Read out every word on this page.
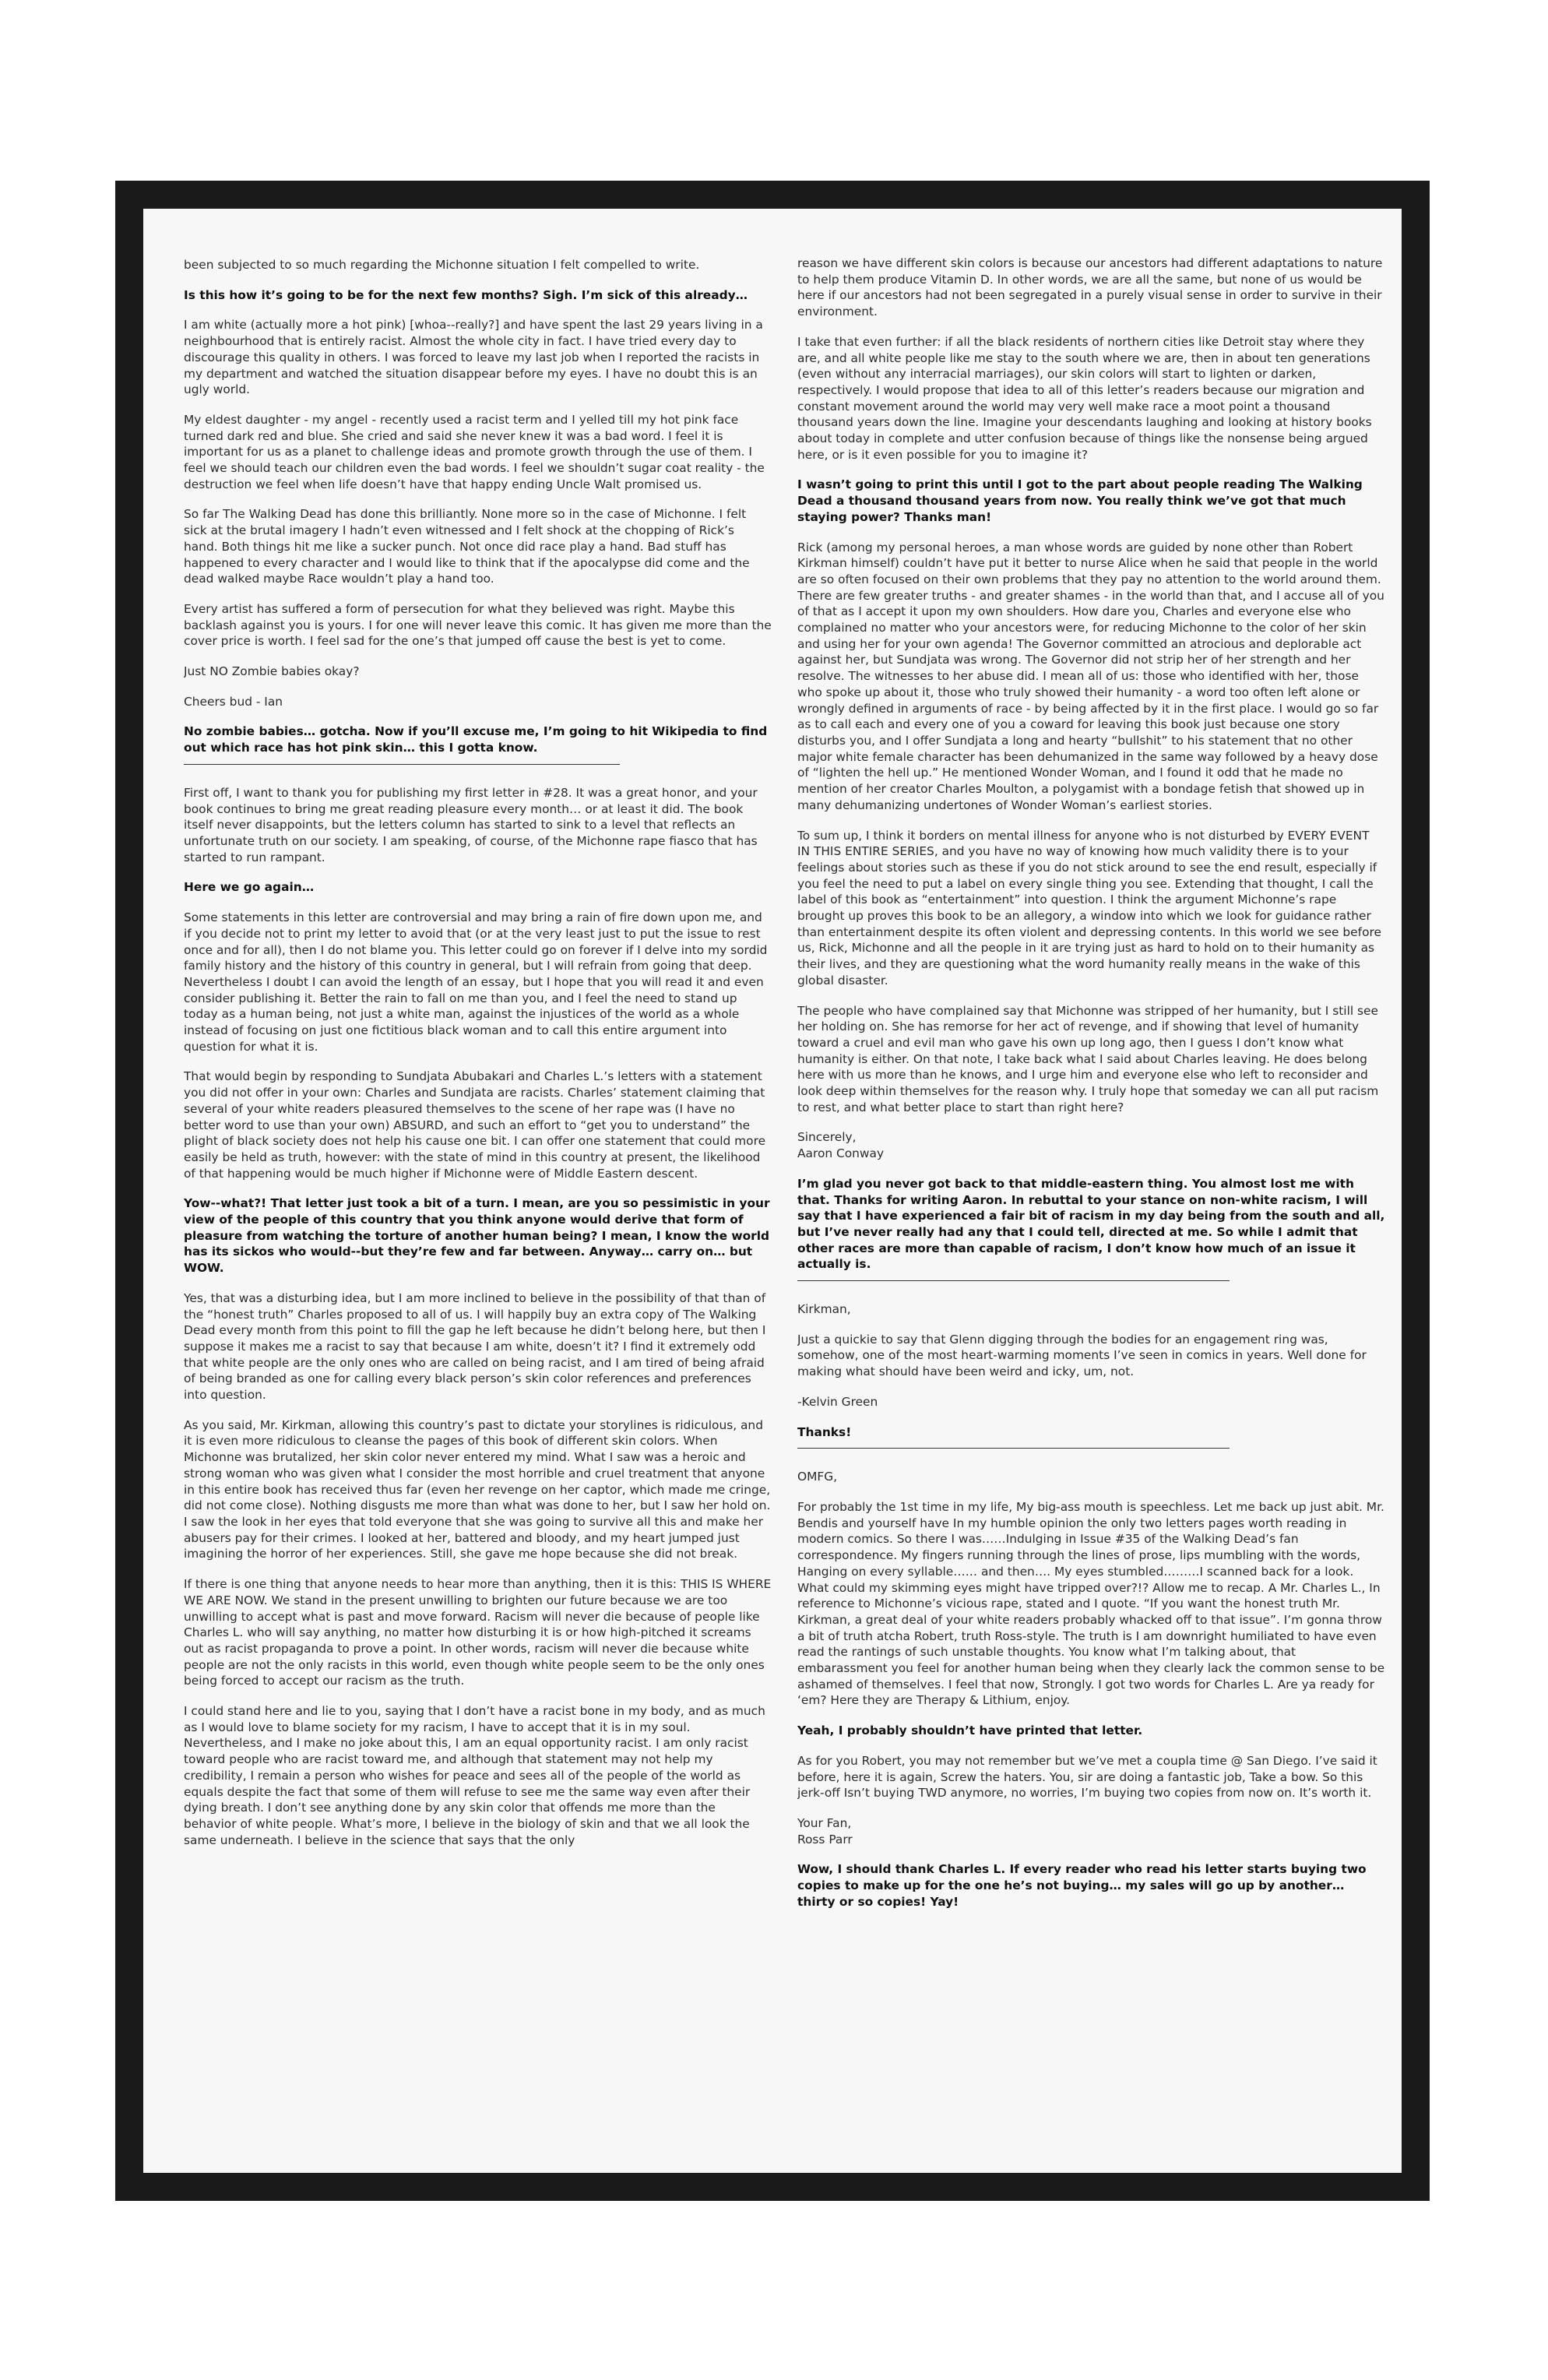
been subjected to so much regarding the Michonne situation I felt compelled to write.

Is this how it’s going to be for the next few months? Sigh. I’m sick of this already…

I am white (actually more a hot pink) [whoa--really?] and have spent the last 29 years living in a neighbourhood that is entirely racist. Almost the whole city in fact. I have tried every day to discourage this quality in others. I was forced to leave my last job when I reported the racists in my department and watched the situation disappear before my eyes. I have no doubt this is an ugly world.

My eldest daughter - my angel - recently used a racist term and I yelled till my hot pink face turned dark red and blue. She cried and said she never knew it was a bad word. I feel it is important for us as a planet to challenge ideas and promote growth through the use of them. I feel we should teach our children even the bad words. I feel we shouldn’t sugar coat reality - the destruction we feel when life doesn’t have that happy ending Uncle Walt promised us.

So far The Walking Dead has done this brilliantly. None more so in the case of Michonne. I felt sick at the brutal imagery I hadn’t even witnessed and I felt shock at the chopping of Rick’s hand. Both things hit me like a sucker punch. Not once did race play a hand. Bad stuff has happened to every character and I would like to think that if the apocalypse did come and the dead walked maybe Race wouldn’t play a hand too.

Every artist has suffered a form of persecution for what they believed was right. Maybe this backlash against you is yours. I for one will never leave this comic. It has given me more than the cover price is worth. I feel sad for the one’s that jumped off cause the best is yet to come.

Just NO Zombie babies okay?

Cheers bud - Ian

No zombie babies… gotcha. Now if you’ll excuse me, I’m going to hit Wikipedia to find out which race has hot pink skin… this I gotta know.

First off, I want to thank you for publishing my first letter in #28. It was a great honor, and your book continues to bring me great reading pleasure every month… or at least it did. The book itself never disappoints, but the letters column has started to sink to a level that reflects an unfortunate truth on our society. I am speaking, of course, of the Michonne rape fiasco that has started to run rampant.

Here we go again…

Some statements in this letter are controversial and may bring a rain of fire down upon me, and if you decide not to print my letter to avoid that (or at the very least just to put the issue to rest once and for all), then I do not blame you. This letter could go on forever if I delve into my sordid family history and the history of this country in general, but I will refrain from going that deep. Nevertheless I doubt I can avoid the length of an essay, but I hope that you will read it and even consider publishing it. Better the rain to fall on me than you, and I feel the need to stand up today as a human being, not just a white man, against the injustices of the world as a whole instead of focusing on just one fictitious black woman and to call this entire argument into question for what it is.

That would begin by responding to Sundjata Abubakari and Charles L.’s letters with a statement you did not offer in your own: Charles and Sundjata are racists. Charles’ statement claiming that several of your white readers pleasured themselves to the scene of her rape was (I have no better word to use than your own) ABSURD, and such an effort to “get you to understand” the plight of black society does not help his cause one bit. I can offer one statement that could more easily be held as truth, however: with the state of mind in this country at present, the likelihood of that happening would be much higher if Michonne were of Middle Eastern descent.

Yow--what?! That letter just took a bit of a turn. I mean, are you so pessimistic in your view of the people of this country that you think anyone would derive that form of pleasure from watching the torture of another human being? I mean, I know the world has its sickos who would--but they’re few and far between. Anyway… carry on… but WOW.

Yes, that was a disturbing idea, but I am more inclined to believe in the possibility of that than of the “honest truth” Charles proposed to all of us. I will happily buy an extra copy of The Walking Dead every month from this point to fill the gap he left because he didn’t belong here, but then I suppose it makes me a racist to say that because I am white, doesn’t it? I find it extremely odd that white people are the only ones who are called on being racist, and I am tired of being afraid of being branded as one for calling every black person’s skin color references and preferences into question.

As you said, Mr. Kirkman, allowing this country’s past to dictate your storylines is ridiculous, and it is even more ridiculous to cleanse the pages of this book of different skin colors. When Michonne was brutalized, her skin color never entered my mind. What I saw was a heroic and strong woman who was given what I consider the most horrible and cruel treatment that anyone in this entire book has received thus far (even her revenge on her captor, which made me cringe, did not come close). Nothing disgusts me more than what was done to her, but I saw her hold on. I saw the look in her eyes that told everyone that she was going to survive all this and make her abusers pay for their crimes. I looked at her, battered and bloody, and my heart jumped just imagining the horror of her experiences. Still, she gave me hope because she did not break.

If there is one thing that anyone needs to hear more than anything, then it is this: THIS IS WHERE WE ARE NOW. We stand in the present unwilling to brighten our future because we are too unwilling to accept what is past and move forward. Racism will never die because of people like Charles L. who will say anything, no matter how disturbing it is or how high-pitched it screams out as racist propaganda to prove a point. In other words, racism will never die because white people are not the only racists in this world, even though white people seem to be the only ones being forced to accept our racism as the truth.

I could stand here and lie to you, saying that I don’t have a racist bone in my body, and as much as I would love to blame society for my racism, I have to accept that it is in my soul. Nevertheless, and I make no joke about this, I am an equal opportunity racist. I am only racist toward people who are racist toward me, and although that statement may not help my credibility, I remain a person who wishes for peace and sees all of the people of the world as equals despite the fact that some of them will refuse to see me the same way even after their dying breath. I don’t see anything done by any skin color that offends me more than the behavior of white people. What’s more, I believe in the biology of skin and that we all look the same underneath. I believe in the science that says that the only

reason we have different skin colors is because our ancestors had different adaptations to nature to help them produce Vitamin D. In other words, we are all the same, but none of us would be here if our ancestors had not been segregated in a purely visual sense in order to survive in their environment.

I take that even further: if all the black residents of northern cities like Detroit stay where they are, and all white people like me stay to the south where we are, then in about ten generations (even without any interracial marriages), our skin colors will start to lighten or darken, respectively. I would propose that idea to all of this letter’s readers because our migration and constant movement around the world may very well make race a moot point a thousand thousand years down the line. Imagine your descendants laughing and looking at history books about today in complete and utter confusion because of things like the nonsense being argued here, or is it even possible for you to imagine it?

I wasn’t going to print this until I got to the part about people reading The Walking Dead a thousand thousand years from now. You really think we’ve got that much staying power? Thanks man!

Rick (among my personal heroes, a man whose words are guided by none other than Robert Kirkman himself) couldn’t have put it better to nurse Alice when he said that people in the world are so often focused on their own problems that they pay no attention to the world around them. There are few greater truths - and greater shames - in the world than that, and I accuse all of you of that as I accept it upon my own shoulders. How dare you, Charles and everyone else who complained no matter who your ancestors were, for reducing Michonne to the color of her skin and using her for your own agenda! The Governor committed an atrocious and deplorable act against her, but Sundjata was wrong. The Governor did not strip her of her strength and her resolve. The witnesses to her abuse did. I mean all of us: those who identified with her, those who spoke up about it, those who truly showed their humanity - a word too often left alone or wrongly defined in arguments of race - by being affected by it in the first place. I would go so far as to call each and every one of you a coward for leaving this book just because one story disturbs you, and I offer Sundjata a long and hearty “bullshit” to his statement that no other major white female character has been dehumanized in the same way followed by a heavy dose of “lighten the hell up.” He mentioned Wonder Woman, and I found it odd that he made no mention of her creator Charles Moulton, a polygamist with a bondage fetish that showed up in many dehumanizing undertones of Wonder Woman’s earliest stories.

To sum up, I think it borders on mental illness for anyone who is not disturbed by EVERY EVENT IN THIS ENTIRE SERIES, and you have no way of knowing how much validity there is to your feelings about stories such as these if you do not stick around to see the end result, especially if you feel the need to put a label on every single thing you see. Extending that thought, I call the label of this book as “entertainment” into question. I think the argument Michonne’s rape brought up proves this book to be an allegory, a window into which we look for guidance rather than entertainment despite its often violent and depressing contents. In this world we see before us, Rick, Michonne and all the people in it are trying just as hard to hold on to their humanity as their lives, and they are questioning what the word humanity really means in the wake of this global disaster.

The people who have complained say that Michonne was stripped of her humanity, but I still see her holding on. She has remorse for her act of revenge, and if showing that level of humanity toward a cruel and evil man who gave his own up long ago, then I guess I don’t know what humanity is either. On that note, I take back what I said about Charles leaving. He does belong here with us more than he knows, and I urge him and everyone else who left to reconsider and look deep within themselves for the reason why. I truly hope that someday we can all put racism to rest, and what better place to start than right here?

Sincerely,
Aaron Conway

I’m glad you never got back to that middle-eastern thing. You almost lost me with that. Thanks for writing Aaron. In rebuttal to your stance on non-white racism, I will say that I have experienced a fair bit of racism in my day being from the south and all, but I’ve never really had any that I could tell, directed at me. So while I admit that other races are more than capable of racism, I don’t know how much of an issue it actually is.

Kirkman,

Just a quickie to say that Glenn digging through the bodies for an engagement ring was, somehow, one of the most heart-warming moments I’ve seen in comics in years. Well done for making what should have been weird and icky, um, not.

-Kelvin Green

Thanks!

OMFG,

For probably the 1st time in my life, My big-ass mouth is speechless. Let me back up just abit. Mr. Bendis and yourself have In my humble opinion the only two letters pages worth reading in modern comics. So there I was……Indulging in Issue #35 of the Walking Dead’s fan correspondence. My fingers running through the lines of prose, lips mumbling with the words, Hanging on every syllable…… and then…. My eyes stumbled………I scanned back for a look. What could my skimming eyes might have tripped over?!? Allow me to recap. A Mr. Charles L., In reference to Michonne’s vicious rape, stated and I quote. “If you want the honest truth Mr. Kirkman, a great deal of your white readers probably whacked off to that issue”. I’m gonna throw a bit of truth atcha Robert, truth Ross-style. The truth is I am downright humiliated to have even read the rantings of such unstable thoughts. You know what I’m talking about, that embarassment you feel for another human being when they clearly lack the common sense to be ashamed of themselves. I feel that now, Strongly. I got two words for Charles L. Are ya ready for ‘em? Here they are Therapy & Lithium, enjoy.

Yeah, I probably shouldn’t have printed that letter.

As for you Robert, you may not remember but we’ve met a coupla time @ San Diego. I’ve said it before, here it is again, Screw the haters. You, sir are doing a fantastic job, Take a bow. So this jerk-off Isn’t buying TWD anymore, no worries, I’m buying two copies from now on. It’s worth it.

Your Fan,
Ross Parr

Wow, I should thank Charles L. If every reader who read his letter starts buying two copies to make up for the one he’s not buying… my sales will go up by another… thirty or so copies! Yay!
